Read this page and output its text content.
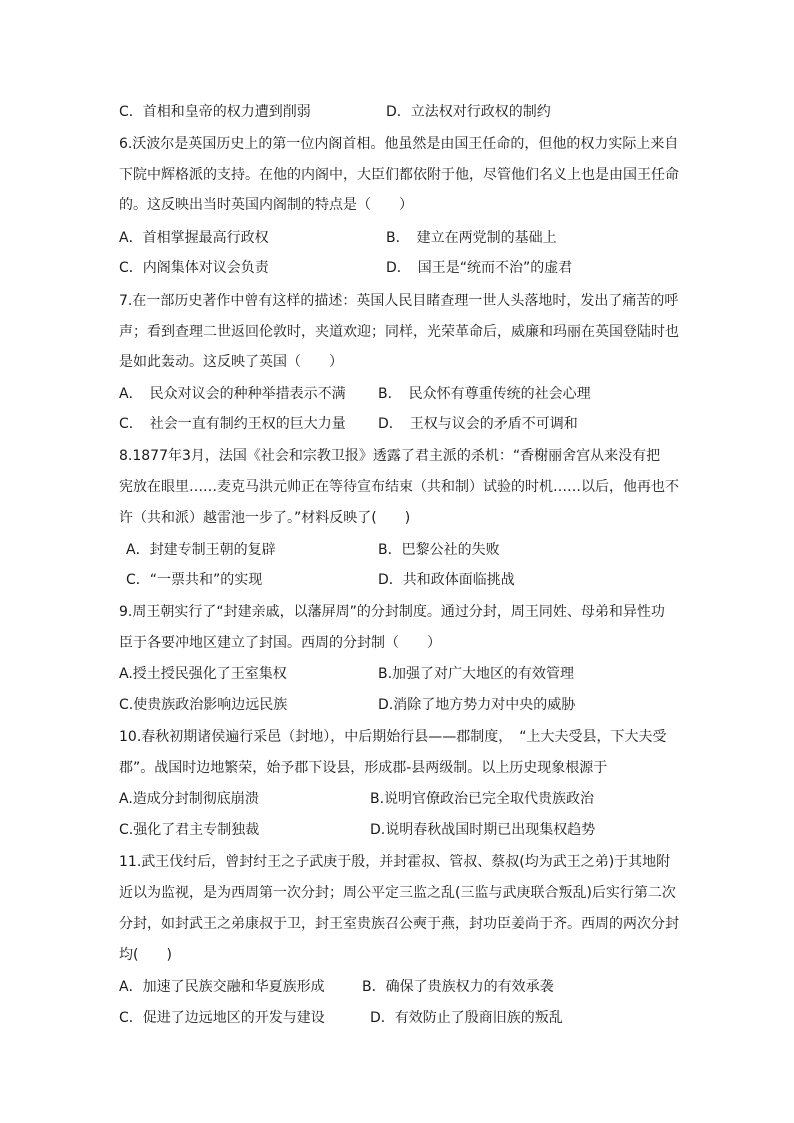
C．首相和皇帝的权力遭到削弱	D．立法权对行政权的制约
6.沃波尔是英国历史上的第一位内阁首相。他虽然是由国王任命的，但他的权力实际上来自
下院中辉格派的支持。在他的内阁中，大臣们都依附于他，尽管他们名义上也是由国王任命
的。这反映出当时英国内阁制的特点是（　　）
A．首相掌握最高行政权	B．　建立在两党制的基础上
C．内阁集体对议会负责	D．　国王是“统而不治”的虚君
7.在一部历史著作中曾有这样的描述：英国人民目睹查理一世人头落地时，发出了痛苦的呼
声；看到查理二世返回伦敦时，夹道欢迎；同样，光荣革命后，威廉和玛丽在英国登陆时也
是如此轰动。这反映了英国（　　）
A．　民众对议会的种种举措表示不满 B．　民众怀有尊重传统的社会心理
C．　社会一直有制约王权的巨大力量 D．　王权与议会的矛盾不可调和
8.1877年3月，法国《社会和宗教卫报》透露了君主派的杀机：“香榭丽舍宫从来没有把
宪放在眼里……麦克马洪元帅正在等待宣布结束（共和制）试验的时机……以后，他再也不
许（共和派）越雷池一步了。”材料反映了(　　)
A．封建专制王朝的复辟	B．巴黎公社的失败
C．“一票共和”的实现	D．共和政体面临挑战
9.周王朝实行了“封建亲戚，以藩屏周”的分封制度。通过分封，周王同姓、母弟和异性功
臣于各要冲地区建立了封国。西周的分封制（　　）
A.授土授民强化了王室集权	B.加强了对广大地区的有效管理
C.使贵族政治影响边远民族	D.消除了地方势力对中央的威胁
10.春秋初期诸侯遍行采邑（封地），中后期始行县——郡制度，　“上大夫受县，下大夫受
郡”。战国时边地繁荣，始予郡下设县，形成郡-县两级制。以上历史现象根源于
A.造成分封制彻底崩溃	B.说明官僚政治已完全取代贵族政治
C.强化了君主专制独裁	D.说明春秋战国时期已出现集权趋势
11.武王伐纣后，曾封纣王之子武庚于殷，并封霍叔、管叔、蔡叔(均为武王之弟)于其地附
近以为监视，是为西周第一次分封；周公平定三监之乱(三监与武庚联合叛乱)后实行第二次
分封，如封武王之弟康叔于卫，封王室贵族召公奭于燕，封功臣姜尚于齐。西周的两次分封
均(　　)
A．加速了民族交融和华夏族形成	B．确保了贵族权力的有效承袭
C．促进了边远地区的开发与建设	D．有效防止了殷商旧族的叛乱
